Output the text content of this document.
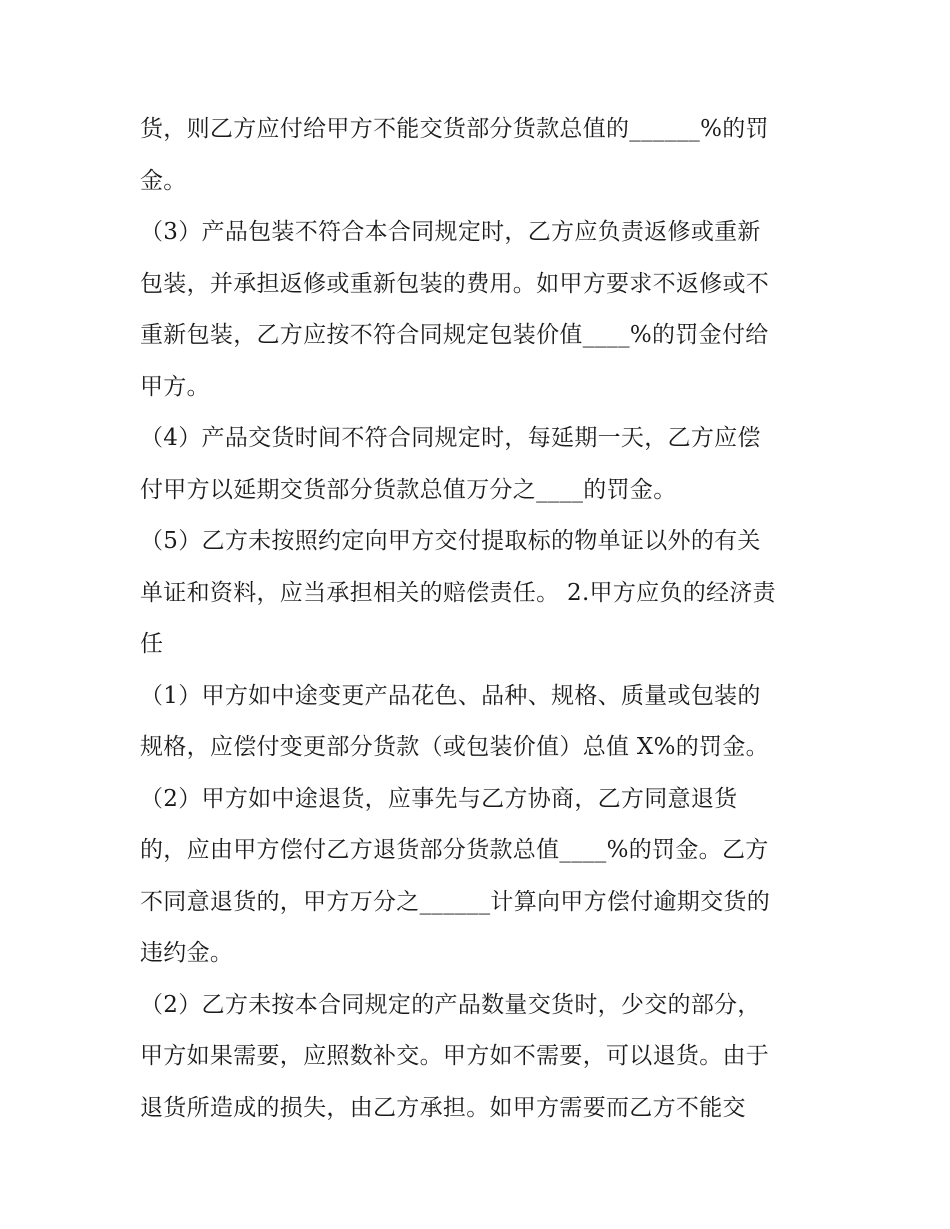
货，则乙方应付给甲方不能交货部分货款总值的______%的罚
金。
（3）产品包装不符合本合同规定时，乙方应负责返修或重新
包装，并承担返修或重新包装的费用。如甲方要求不返修或不
重新包装，乙方应按不符合同规定包装价值____%的罚金付给
甲方。
（4）产品交货时间不符合同规定时，每延期一天，乙方应偿
付甲方以延期交货部分货款总值万分之____的罚金。
（5）乙方未按照约定向甲方交付提取标的物单证以外的有关
单证和资料，应当承担相关的赔偿责任。 2.甲方应负的经济责
任
（1）甲方如中途变更产品花色、品种、规格、质量或包装的
规格，应偿付变更部分货款（或包装价值）总值 X%的罚金。
（2）甲方如中途退货，应事先与乙方协商，乙方同意退货
的，应由甲方偿付乙方退货部分货款总值____%的罚金。乙方
不同意退货的，甲方万分之______计算向甲方偿付逾期交货的
违约金。
（2）乙方未按本合同规定的产品数量交货时，少交的部分，
甲方如果需要，应照数补交。甲方如不需要，可以退货。由于
退货所造成的损失，由乙方承担。如甲方需要而乙方不能交
